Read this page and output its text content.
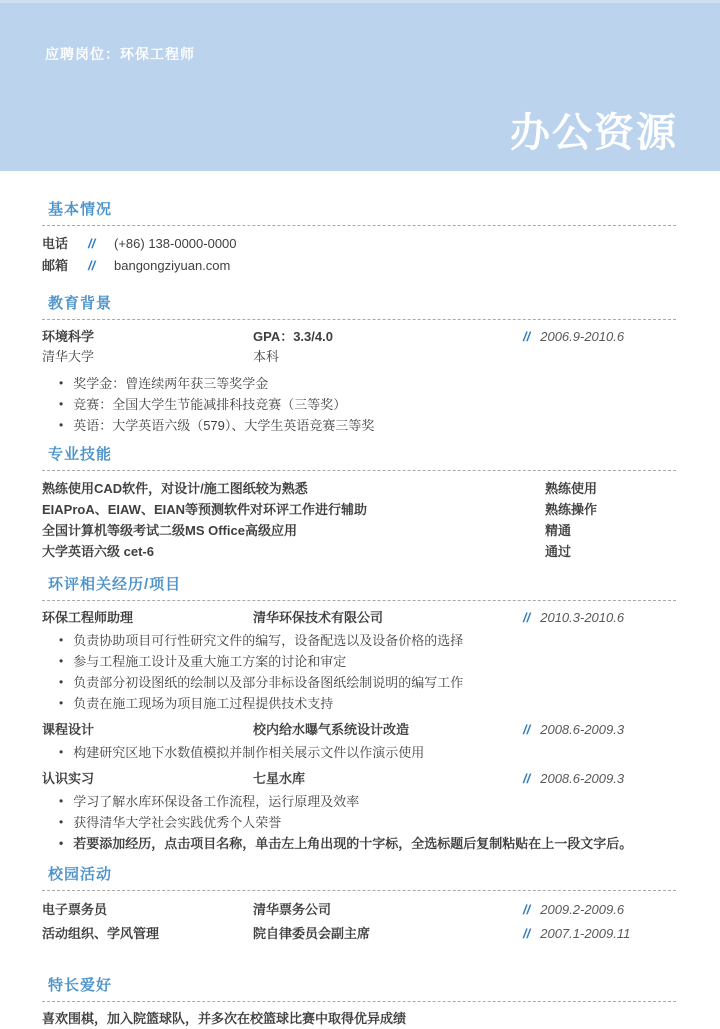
应聘岗位：环保工程师
办公资源
基本情况
电话	//	(+86) 138-0000-0000
邮箱	//	bangongziyuan.com
教育背景
环境科学	GPA：3.3/4.0	// 2006.9-2010.6
清华大学	本科
• 奖学金：曾连续两年获三等奖学金
• 竞赛：全国大学生节能减排科技竞赛（三等奖）
• 英语：大学英语六级（579）、大学生英语竞赛三等奖
专业技能
熟练使用CAD软件，对设计/施工图纸较为熟悉	熟练使用
EIAProA、EIAW、EIAN等预测软件对环评工作进行辅助	熟练操作
全国计算机等级考试二级MS Office高级应用	精通
大学英语六级 cet-6	通过
环评相关经历/项目
环保工程师助理	清华环保技术有限公司	// 2010.3-2010.6
• 负责协助项目可行性研究文件的编写，设备配选以及设备价格的选择
• 参与工程施工设计及重大施工方案的讨论和审定
• 负责部分初设图纸的绘制以及部分非标设备图纸绘制说明的编写工作
• 负责在施工现场为项目施工过程提供技术支持
课程设计	校内给水曝气系统设计改造	// 2008.6-2009.3
• 构建研究区地下水数值模拟并制作相关展示文件以作演示使用
认识实习	七星水库	// 2008.6-2009.3
• 学习了解水库环保设备工作流程，运行原理及效率
• 获得清华大学社会实践优秀个人荣誉
• 若要添加经历，点击项目名称，单击左上角出现的十字标，全选标题后复制粘贴在上一段文字后。
校园活动
电子票务员	清华票务公司	// 2009.2-2009.6
活动组织、学风管理	院自律委员会副主席	// 2007.1-2009.11
特长爱好
喜欢围棋，加入院篮球队，并多次在校篮球比赛中取得优异成绩
